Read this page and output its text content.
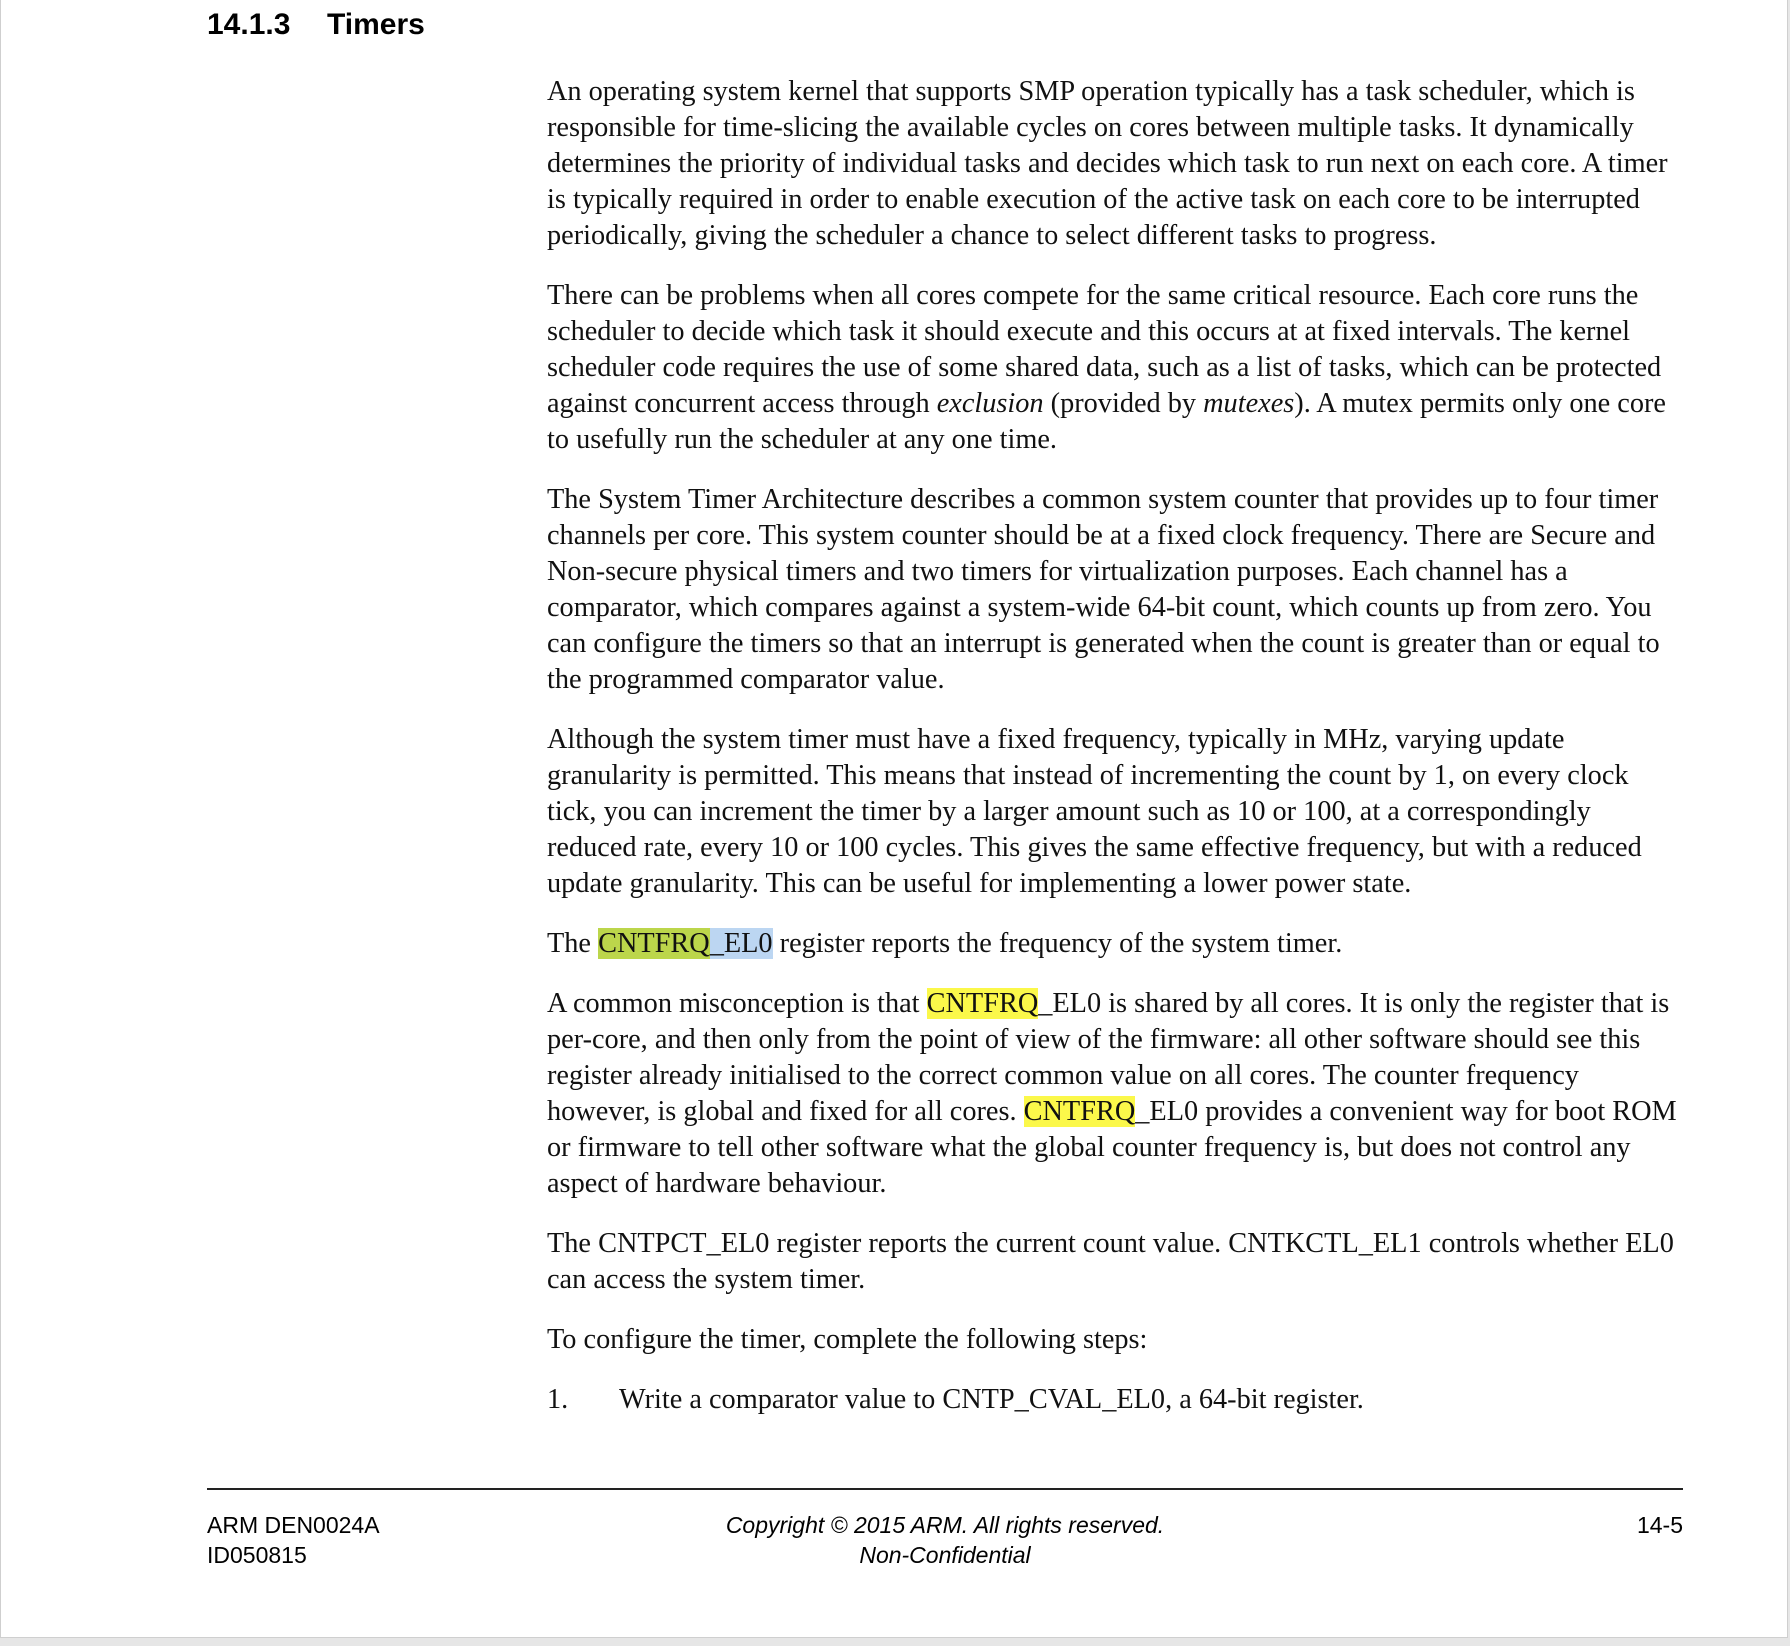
14.1.3 Timers

An operating system kernel that supports SMP operation typically has a task scheduler, which is responsible for time-slicing the available cycles on cores between multiple tasks. It dynamically determines the priority of individual tasks and decides which task to run next on each core. A timer is typically required in order to enable execution of the active task on each core to be interrupted periodically, giving the scheduler a chance to select different tasks to progress.

There can be problems when all cores compete for the same critical resource. Each core runs the scheduler to decide which task it should execute and this occurs at at fixed intervals. The kernel scheduler code requires the use of some shared data, such as a list of tasks, which can be protected against concurrent access through exclusion (provided by mutexes). A mutex permits only one core to usefully run the scheduler at any one time.

The System Timer Architecture describes a common system counter that provides up to four timer channels per core. This system counter should be at a fixed clock frequency. There are Secure and Non-secure physical timers and two timers for virtualization purposes. Each channel has a comparator, which compares against a system-wide 64-bit count, which counts up from zero. You can configure the timers so that an interrupt is generated when the count is greater than or equal to the programmed comparator value.

Although the system timer must have a fixed frequency, typically in MHz, varying update granularity is permitted. This means that instead of incrementing the count by 1, on every clock tick, you can increment the timer by a larger amount such as 10 or 100, at a correspondingly reduced rate, every 10 or 100 cycles. This gives the same effective frequency, but with a reduced update granularity. This can be useful for implementing a lower power state.

The CNTFRQ_EL0 register reports the frequency of the system timer.

A common misconception is that CNTFRQ_EL0 is shared by all cores. It is only the register that is per-core, and then only from the point of view of the firmware: all other software should see this register already initialised to the correct common value on all cores. The counter frequency however, is global and fixed for all cores. CNTFRQ_EL0 provides a convenient way for boot ROM or firmware to tell other software what the global counter frequency is, but does not control any aspect of hardware behaviour.

The CNTPCT_EL0 register reports the current count value. CNTKCTL_EL1 controls whether EL0 can access the system timer.

To configure the timer, complete the following steps:

1.	Write a comparator value to CNTP_CVAL_EL0, a 64-bit register.

ARM DEN0024A
ID050815
Copyright © 2015 ARM. All rights reserved.
Non-Confidential
14-5
